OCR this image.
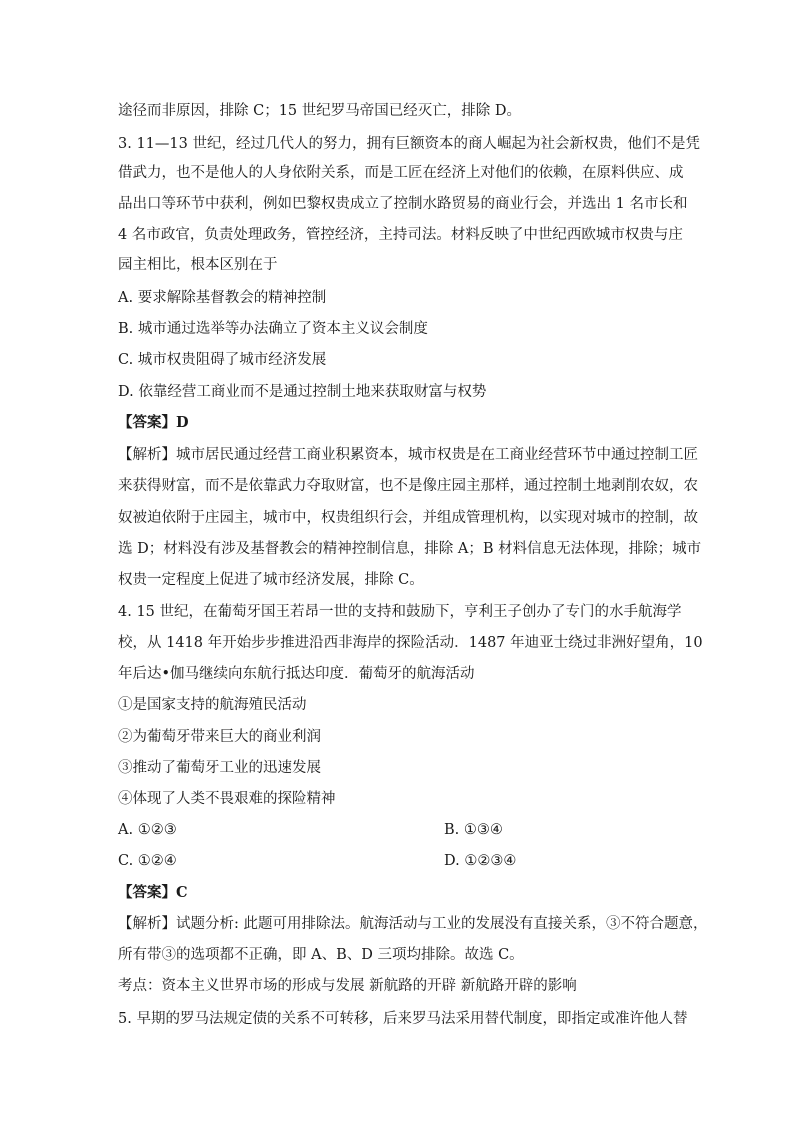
途径而非原因，排除 C；15 世纪罗马帝国已经灭亡，排除 D。
3. 11—13 世纪，经过几代人的努力，拥有巨额资本的商人崛起为社会新权贵，他们不是凭
借武力，也不是他人的人身依附关系，而是工匠在经济上对他们的依赖，在原料供应、成
品出口等环节中获利，例如巴黎权贵成立了控制水路贸易的商业行会，并选出 1 名市长和
4 名市政官，负责处理政务，管控经济，主持司法。材料反映了中世纪西欧城市权贵与庄
园主相比，根本区别在于
A. 要求解除基督教会的精神控制
B. 城市通过选举等办法确立了资本主义议会制度
C. 城市权贵阻碍了城市经济发展
D. 依靠经营工商业而不是通过控制土地来获取财富与权势
【答案】D
【解析】城市居民通过经营工商业积累资本，城市权贵是在工商业经营环节中通过控制工匠
来获得财富，而不是依靠武力夺取财富，也不是像庄园主那样，通过控制土地剥削农奴，农
奴被迫依附于庄园主，城市中，权贵组织行会，并组成管理机构，以实现对城市的控制，故
选 D；材料没有涉及基督教会的精神控制信息，排除 A；B 材料信息无法体现，排除；城市
权贵一定程度上促进了城市经济发展，排除 C。
4. 15 世纪，在葡萄牙国王若昂一世的支持和鼓励下，亨利王子创办了专门的水手航海学
校，从 1418 年开始步步推进沿西非海岸的探险活动．1487 年迪亚士绕过非洲好望角，10
年后达•伽马继续向东航行抵达印度．葡萄牙的航海活动
①是国家支持的航海殖民活动
②为葡萄牙带来巨大的商业利润
③推动了葡萄牙工业的迅速发展
④体现了人类不畏艰难的探险精神
A. ①②③	B. ①③④
C. ①②④	D. ①②③④
【答案】C
【解析】试题分析: 此题可用排除法。航海活动与工业的发展没有直接关系，③不符合题意，
所有带③的选项都不正确，即 A、B、D 三项均排除。故选 C。
考点：资本主义世界市场的形成与发展 新航路的开辟 新航路开辟的影响
5. 早期的罗马法规定债的关系不可转移，后来罗马法采用替代制度，即指定或准许他人替
